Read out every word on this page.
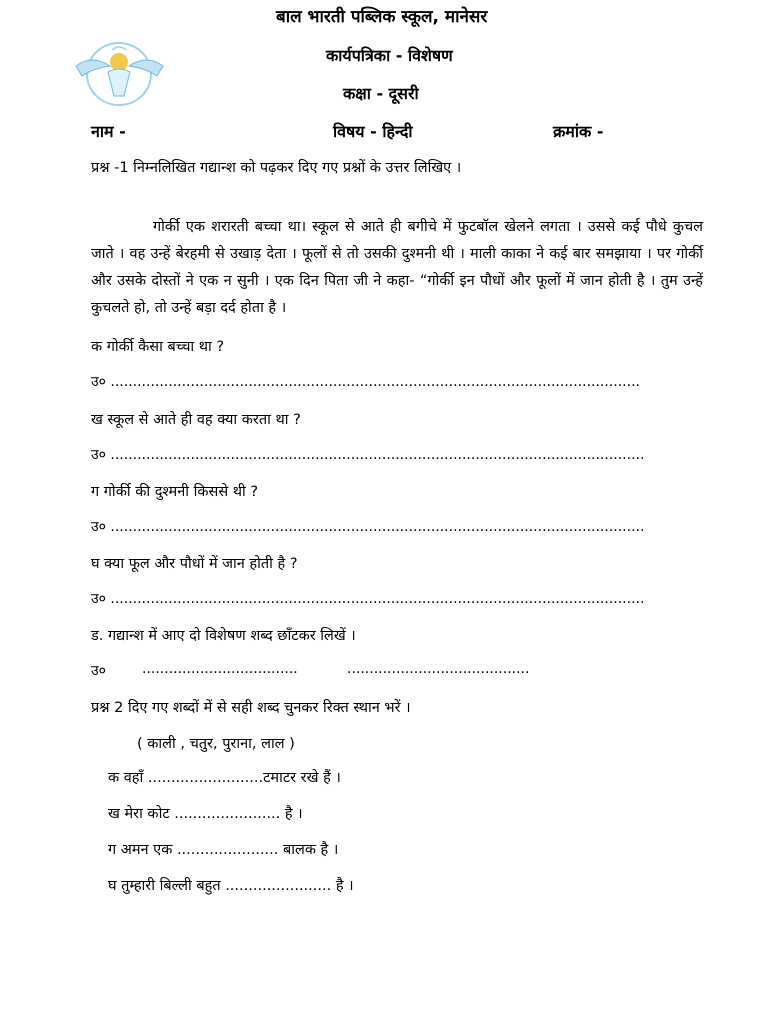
बाल भारती पब्लिक स्कूल, मानेसर
कार्यपत्रिका - विशेषण
कक्षा - दूसरी
नाम -	विषय - हिन्दी	क्रमांक -
प्रश्न -1 निम्नलिखित गद्यान्श को पढ़कर दिए गए प्रश्नों के उत्तर लिखिए ।
गोर्की एक शरारती बच्चा था। स्कूल से आते ही बगीचे में फुटबॉल खेलने लगता । उससे कई पौधे कुचल जाते । वह उन्हें बेरहमी से उखाड़ देता । फूलों से तो उसकी दुश्मनी थी । माली काका ने कई बार समझाया । पर गोर्की और उसके दोस्तों ने एक न सुनी । एक दिन पिता जी ने कहा- “गोर्की इन पौधों और फूलों में जान होती है । तुम उन्हें कुचलते हो, तो उन्हें बड़ा दर्द होता है ।
क गोर्की कैसा बच्चा था ?
उ० .......................................................................................................................
ख स्कूल से आते ही वह क्या करता था ?
उ० ........................................................................................................................
ग गोर्की की दुश्मनी किससे थी ?
उ० ........................................................................................................................
घ क्या फूल और पौधों में जान होती है ?
उ० ........................................................................................................................
ड. गद्यान्श में आए दो विशेषण शब्द छाँटकर लिखें ।
उ०	...................................	.........................................
प्रश्न 2 दिए गए शब्दों में से सही शब्द चुनकर रिक्त स्थान भरें ।
( काली , चतुर, पुराना, लाल )
क वहाँ .........................टमाटर रखे हैं ।
ख मेरा कोट ....................... है ।
ग अमन एक ...................... बालक है ।
घ तुम्हारी बिल्ली बहुत ....................... है ।
